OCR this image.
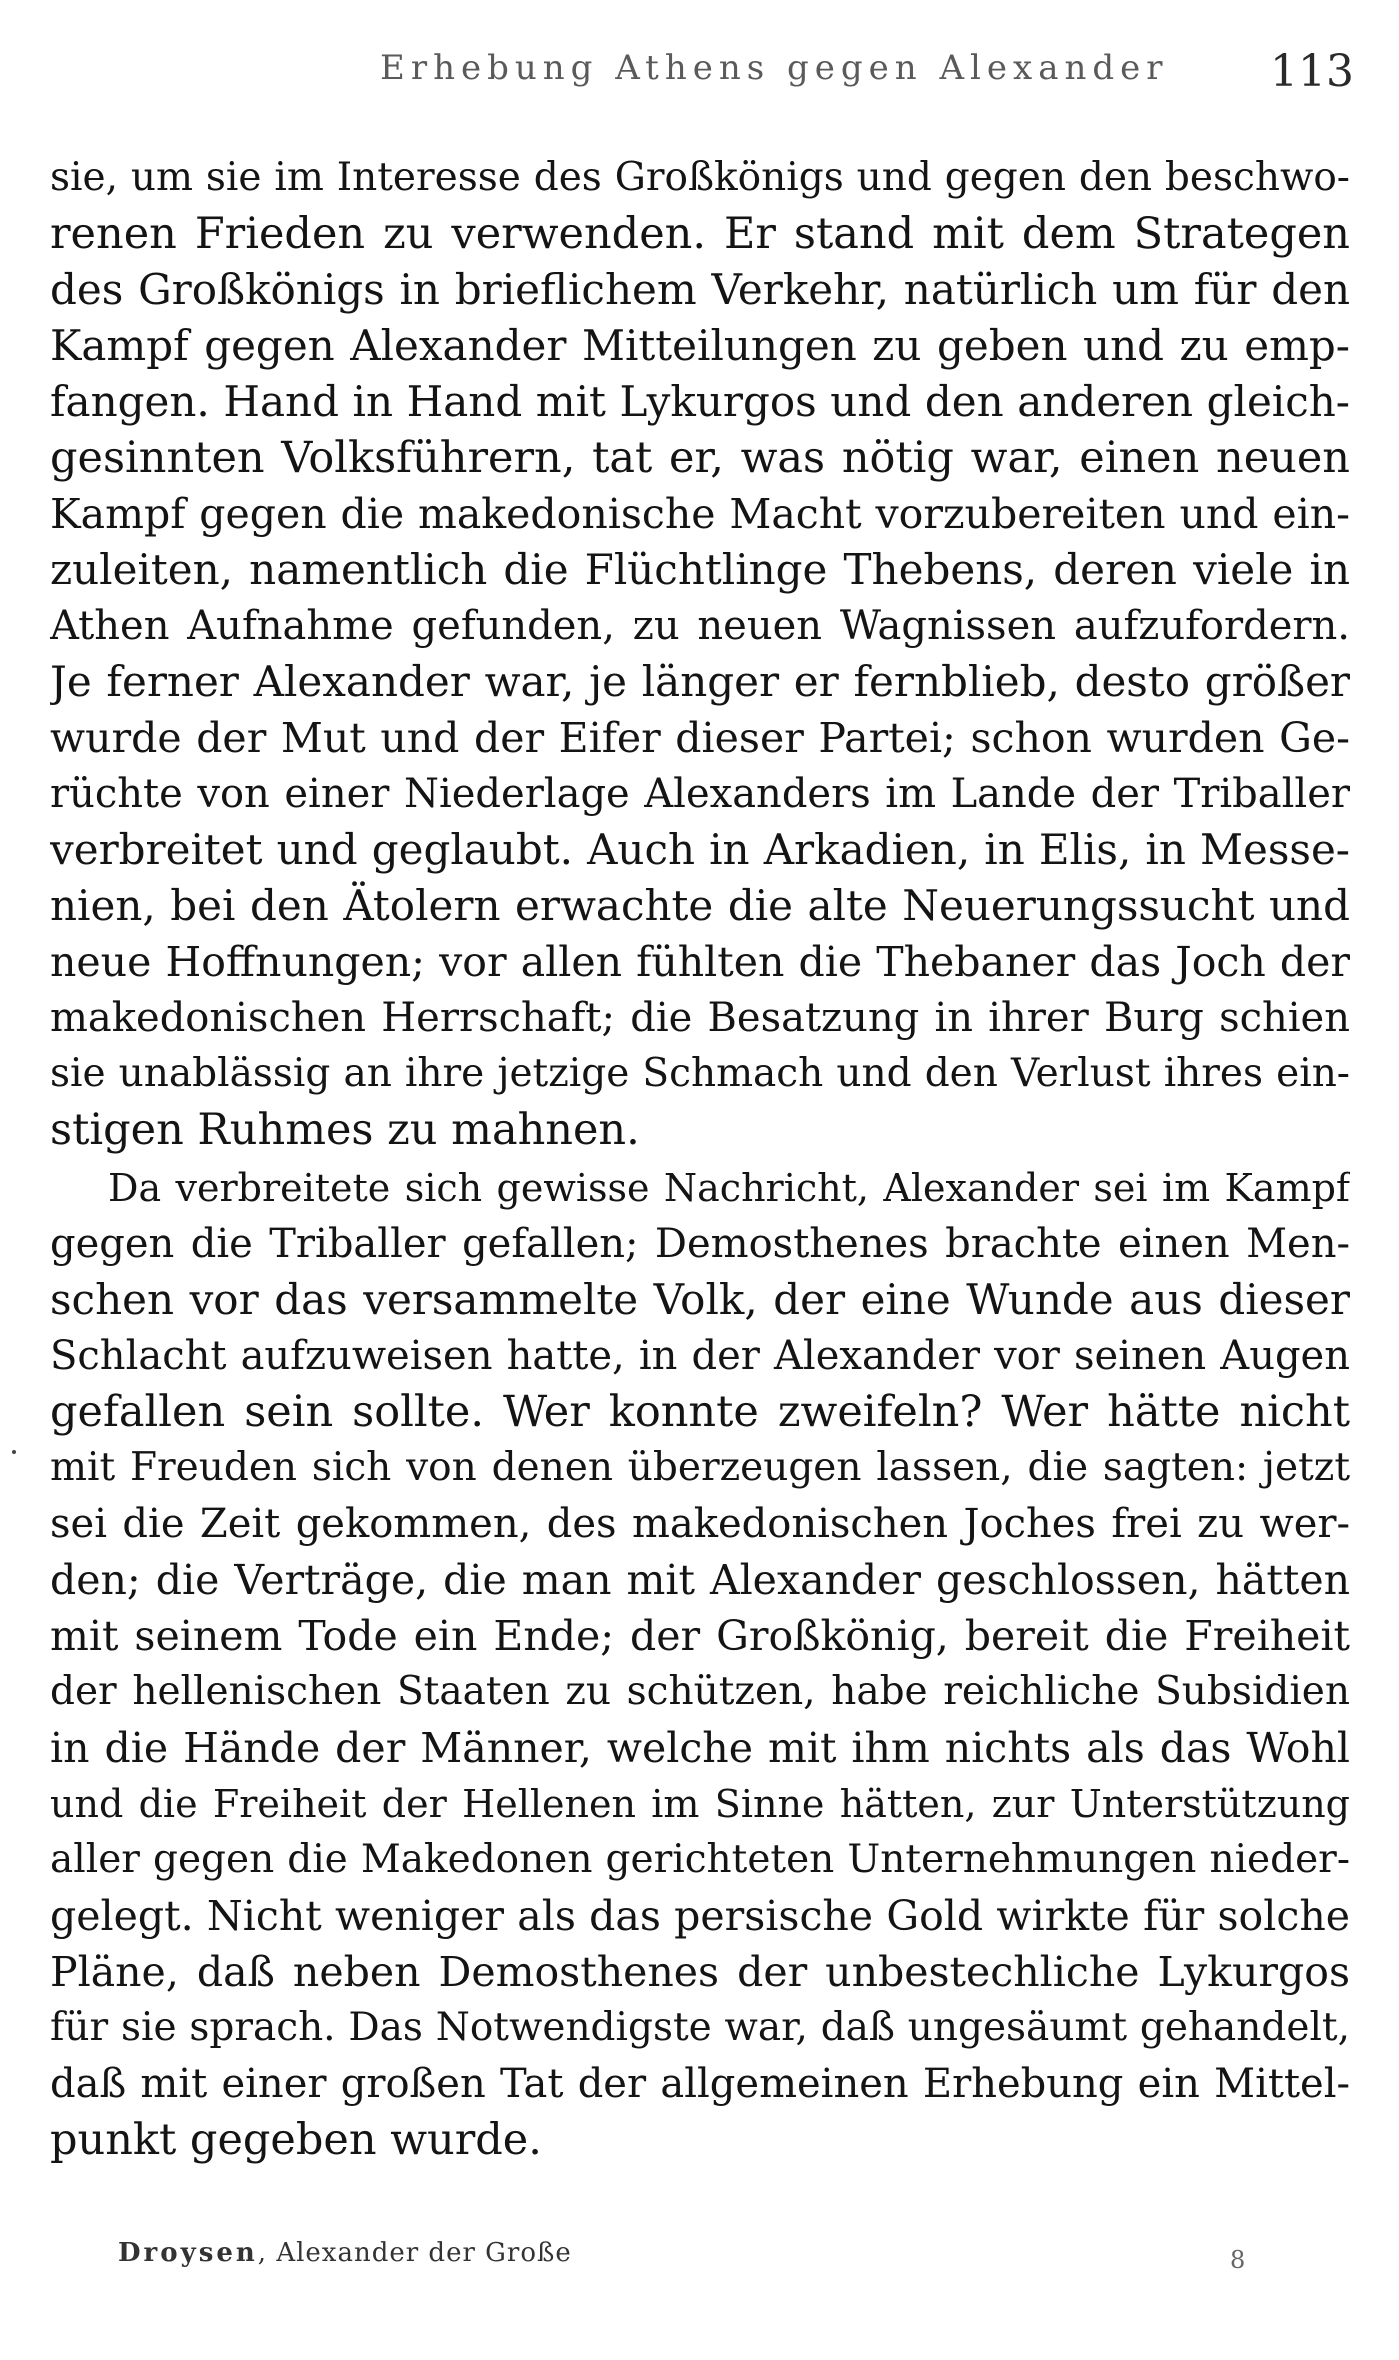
Erhebung Athens gegen Alexander 113
sie, um sie im Interesse des Großkönigs und gegen den beschwo-
renen Frieden zu verwenden. Er stand mit dem Strategen
des Großkönigs in brieflichem Verkehr, natürlich um für den
Kampf gegen Alexander Mitteilungen zu geben und zu emp-
fangen. Hand in Hand mit Lykurgos und den anderen gleich-
gesinnten Volksführern, tat er, was nötig war, einen neuen
Kampf gegen die makedonische Macht vorzubereiten und ein-
zuleiten, namentlich die Flüchtlinge Thebens, deren viele in
Athen Aufnahme gefunden, zu neuen Wagnissen aufzufordern.
Je ferner Alexander war, je länger er fernblieb, desto größer
wurde der Mut und der Eifer dieser Partei; schon wurden Ge-
rüchte von einer Niederlage Alexanders im Lande der Triballer
verbreitet und geglaubt. Auch in Arkadien, in Elis, in Messe-
nien, bei den Ätolern erwachte die alte Neuerungssucht und
neue Hoffnungen; vor allen fühlten die Thebaner das Joch der
makedonischen Herrschaft; die Besatzung in ihrer Burg schien
sie unablässig an ihre jetzige Schmach und den Verlust ihres ein-
stigen Ruhmes zu mahnen.
Da verbreitete sich gewisse Nachricht, Alexander sei im Kampf
gegen die Triballer gefallen; Demosthenes brachte einen Men-
schen vor das versammelte Volk, der eine Wunde aus dieser
Schlacht aufzuweisen hatte, in der Alexander vor seinen Augen
gefallen sein sollte. Wer konnte zweifeln? Wer hätte nicht
mit Freuden sich von denen überzeugen lassen, die sagten: jetzt
sei die Zeit gekommen, des makedonischen Joches frei zu wer-
den; die Verträge, die man mit Alexander geschlossen, hätten
mit seinem Tode ein Ende; der Großkönig, bereit die Freiheit
der hellenischen Staaten zu schützen, habe reichliche Subsidien
in die Hände der Männer, welche mit ihm nichts als das Wohl
und die Freiheit der Hellenen im Sinne hätten, zur Unterstützung
aller gegen die Makedonen gerichteten Unternehmungen nieder-
gelegt. Nicht weniger als das persische Gold wirkte für solche
Pläne, daß neben Demosthenes der unbestechliche Lykurgos
für sie sprach. Das Notwendigste war, daß ungesäumt gehandelt,
daß mit einer großen Tat der allgemeinen Erhebung ein Mittel-
punkt gegeben wurde.
Droysen, Alexander der Große	8
